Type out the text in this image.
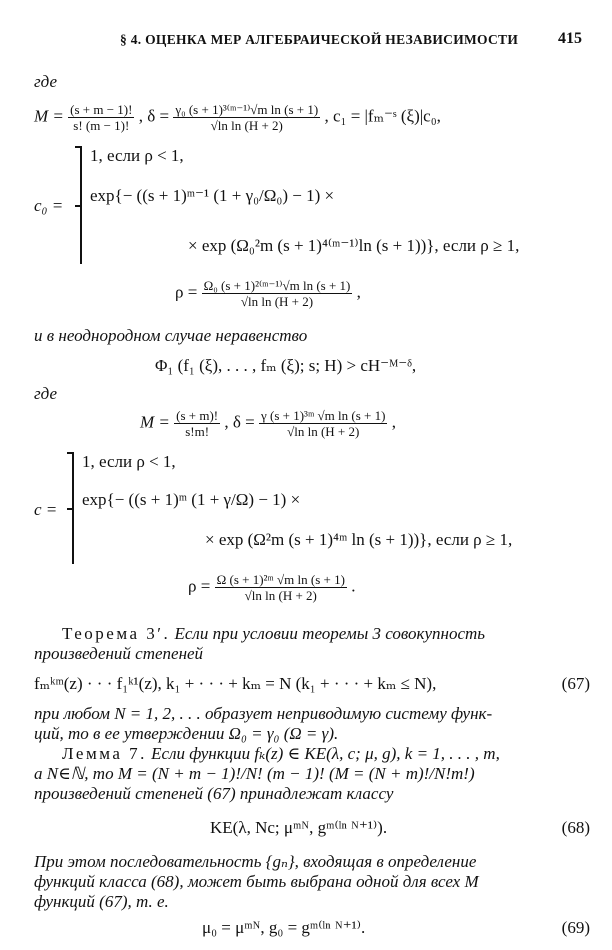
§ 4. ОЦЕНКА МЕР АЛГЕБРАИЧЕСКОЙ НЕЗАВИСИМОСТИ 415
где
$M = \frac{(s + m - 1)!}{s! (m - 1)!}$ , $\delta = \frac{\text{γ₀ (s + 1)³⁽ᵐ⁻¹⁾√m ln (s + 1)}}{\text{√ln ln (H + 2)}}$ , c₁ = |fₘ⁻ˢ (ξ)|c₀,
c₀ =
1, если ρ < 1,
exp{− ((s + 1)ᵐ⁻¹ (1 + γ₀/Ω₀) − 1) ×
× exp (Ω₀²m (s + 1)⁴⁽ᵐ⁻¹⁾ln (s + 1))}, если ρ ≥ 1,
$\rho = \frac{\text{Ω₀ (s + 1)²⁽ᵐ⁻¹⁾√m ln (s + 1)}}{\text{√ln ln (H + 2)}}$ ,
и в неоднородном случае неравенство
Φ₁ (f₁ (ξ), . . . , fₘ (ξ); s; H) > cH⁻ᴹ⁻ᵟ,
где
$M = \frac{(s + m)!}{s!m!}$ , $\delta = \frac{\text{γ (s + 1)³ᵐ √m ln (s + 1)}}{\text{√ln ln (H + 2)}}$ ,
c =
1, если ρ < 1,
exp{− ((s + 1)ᵐ (1 + γ/Ω) − 1) ×
× exp (Ω²m (s + 1)⁴ᵐ ln (s + 1))}, если ρ ≥ 1,
$\rho = \frac{\text{Ω (s + 1)²ᵐ √m ln (s + 1)}}{\text{√ln ln (H + 2)}}$ .
Теорема 3′. Если при условии теоремы 3 совокупность
произведений степеней
fₘᵏᵐ(z) · · · f₁ᵏ¹(z), k₁ + · · · + kₘ = N (k₁ + · · · + kₘ ≤ N),	(67)
при любом N = 1, 2, . . . образует неприводимую систему функ-
ций, то в ее утверждении Ω₀ = γ₀ (Ω = γ).
Лемма 7. Если функции fₖ(z) ∈ KE(λ, c; μ, g), k = 1, . . . , m,
а N∈ℕ, то M = (N + m − 1)!/N! (m − 1)! (M = (N + m)!/N!m!)
произведений степеней (67) принадлежат классу
KE(λ, Nc; μᵐᴺ, gᵐ⁽ˡⁿ ᴺ⁺¹⁾).	(68)
При этом последовательность {gₙ}, входящая в определение
функций класса (68), может быть выбрана одной для всех M
функций (67), т. е.
μ₀ = μᵐᴺ, g₀ = gᵐ⁽ˡⁿ ᴺ⁺¹⁾.	(69)
